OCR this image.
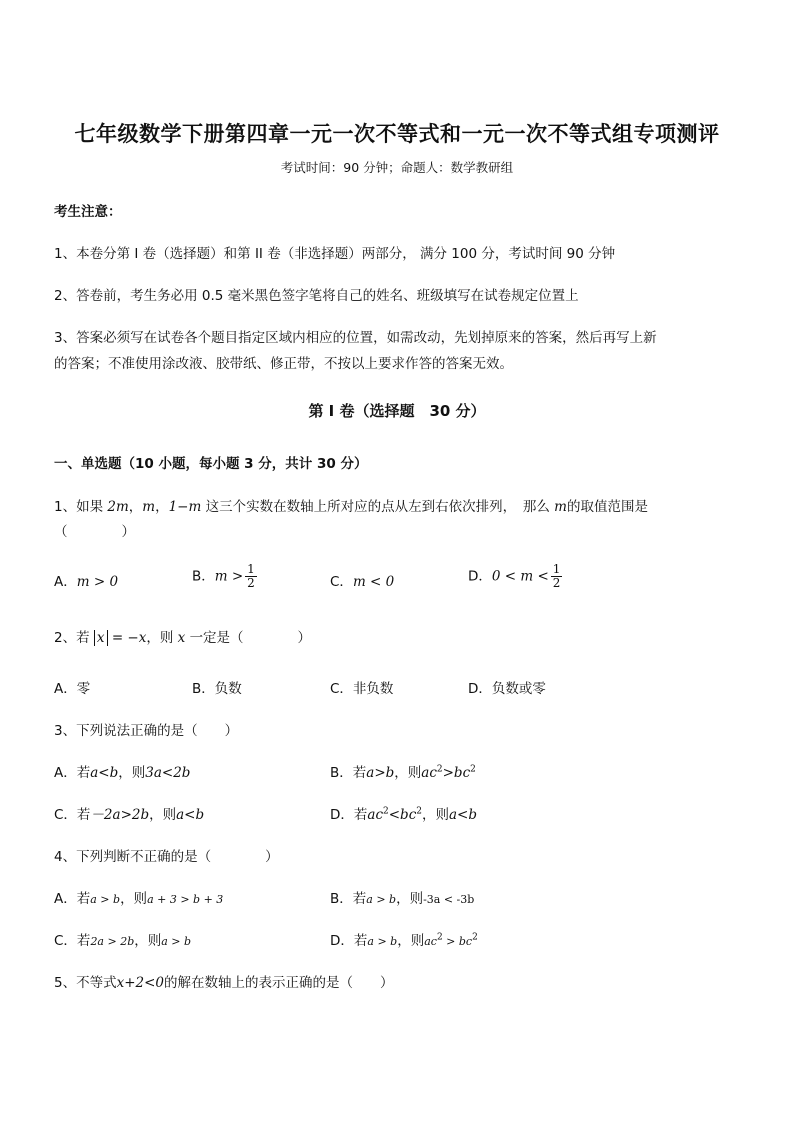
七年级数学下册第四章一元一次不等式和一元一次不等式组专项测评
考试时间：90 分钟；命题人：数学教研组
考生注意：
1、本卷分第 I 卷（选择题）和第 II 卷（非选择题）两部分， 满分 100 分，考试时间 90 分钟
2、答卷前，考生务必用 0.5 毫米黑色签字笔将自己的姓名、班级填写在试卷规定位置上
3、答案必须写在试卷各个题目指定区域内相应的位置，如需改动，先划掉原来的答案，然后再写上新
的答案；不准使用涂改液、胶带纸、修正带，不按以上要求作答的答案无效。
第 I 卷（选择题　30 分）
一、单选题（10 小题，每小题 3 分，共计 30 分）
1、如果 2m，m，1−m 这三个实数在数轴上所对应的点从左到右依次排列，　那么 m的取值范围是
（　　　　）
A．m > 0	B．$m > \frac{1}{2}$	C．m < 0	D．$0 < m < \frac{1}{2}$
2、若 x = −x，则 x 一定是（　　　　）
A．零	B．负数	C．非负数	D．负数或零
3、下列说法正确的是（　　）
A．若a<b，则3a<2b	B．若a>b，则$ac^2>bc^2$
C．若－2a>2b，则a<b	D．若$ac^2<bc^2$，则a<b
4、下列判断不正确的是（　　　　）
A．若a > b，则a + 3 > b + 3	B．若a > b，则-3a < -3b
C．若2a > 2b，则a > b	D．若a > b，则$ac^2 > bc^2$
5、不等式x+2<0的解在数轴上的表示正确的是（　　）
